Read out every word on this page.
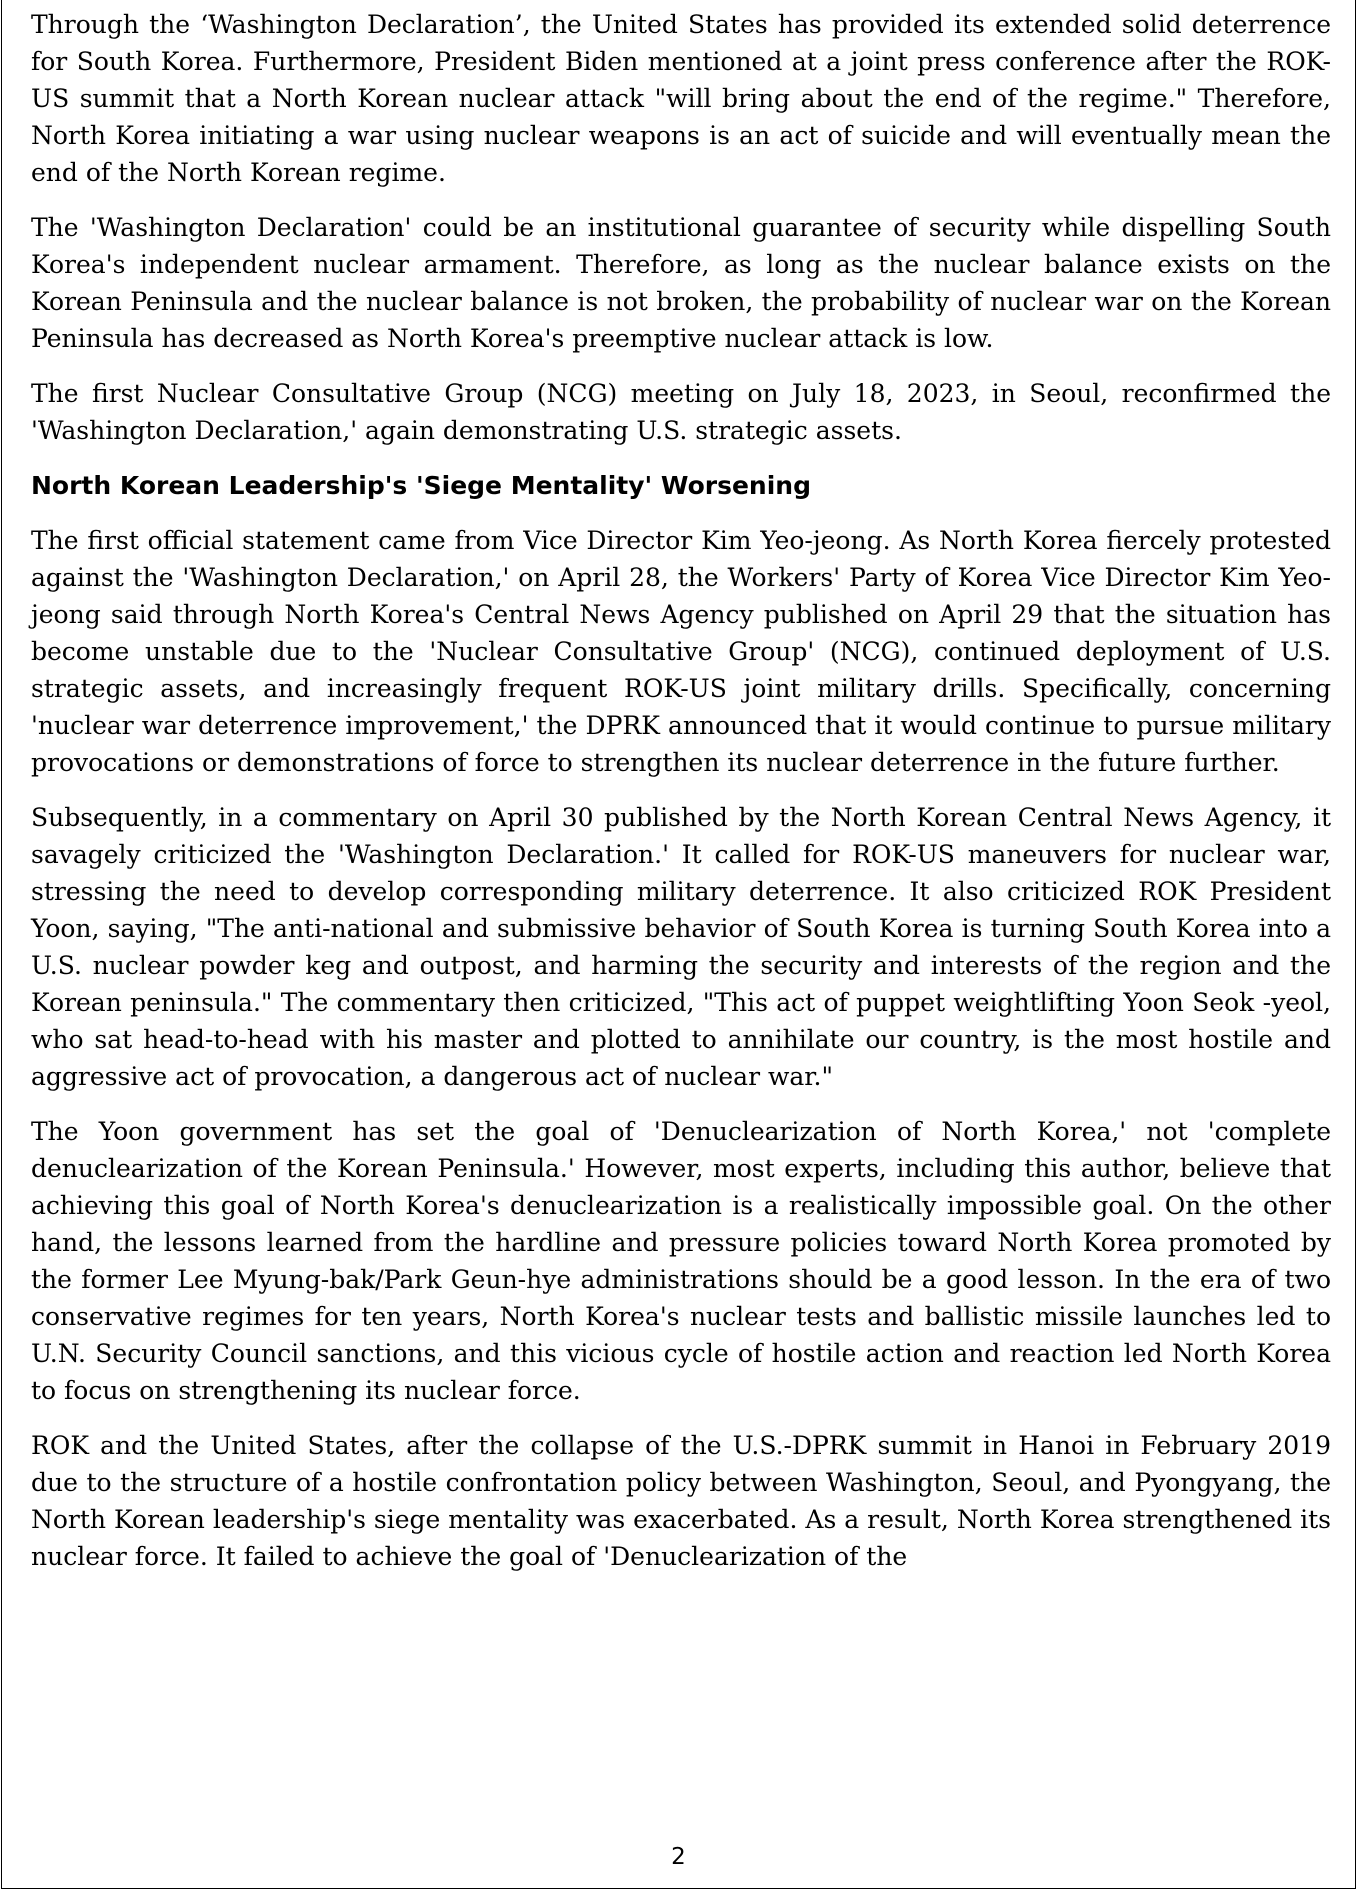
Through the ‘Washington Declaration’, the United States has provided its extended solid deterrence for South Korea. Furthermore, President Biden mentioned at a joint press conference after the ROK-US summit that a North Korean nuclear attack "will bring about the end of the regime." Therefore, North Korea initiating a war using nuclear weapons is an act of suicide and will eventually mean the end of the North Korean regime.

The 'Washington Declaration' could be an institutional guarantee of security while dispelling South Korea's independent nuclear armament. Therefore, as long as the nuclear balance exists on the Korean Peninsula and the nuclear balance is not broken, the probability of nuclear war on the Korean Peninsula has decreased as North Korea's preemptive nuclear attack is low.

The first Nuclear Consultative Group (NCG) meeting on July 18, 2023, in Seoul, reconfirmed the 'Washington Declaration,' again demonstrating U.S. strategic assets.

North Korean Leadership's 'Siege Mentality' Worsening

The first official statement came from Vice Director Kim Yeo-jeong. As North Korea fiercely protested against the 'Washington Declaration,' on April 28, the Workers' Party of Korea Vice Director Kim Yeo-jeong said through North Korea's Central News Agency published on April 29 that the situation has become unstable due to the 'Nuclear Consultative Group' (NCG), continued deployment of U.S. strategic assets, and increasingly frequent ROK-US joint military drills. Specifically, concerning 'nuclear war deterrence improvement,' the DPRK announced that it would continue to pursue military provocations or demonstrations of force to strengthen its nuclear deterrence in the future further.

Subsequently, in a commentary on April 30 published by the North Korean Central News Agency, it savagely criticized the 'Washington Declaration.' It called for ROK-US maneuvers for nuclear war, stressing the need to develop corresponding military deterrence. It also criticized ROK President Yoon, saying, "The anti-national and submissive behavior of South Korea is turning South Korea into a U.S. nuclear powder keg and outpost, and harming the security and interests of the region and the Korean peninsula." The commentary then criticized, "This act of puppet weightlifting Yoon Seok -yeol, who sat head-to-head with his master and plotted to annihilate our country, is the most hostile and aggressive act of provocation, a dangerous act of nuclear war."

The Yoon government has set the goal of 'Denuclearization of North Korea,' not 'complete denuclearization of the Korean Peninsula.' However, most experts, including this author, believe that achieving this goal of North Korea's denuclearization is a realistically impossible goal. On the other hand, the lessons learned from the hardline and pressure policies toward North Korea promoted by the former Lee Myung-bak/Park Geun-hye administrations should be a good lesson. In the era of two conservative regimes for ten years, North Korea's nuclear tests and ballistic missile launches led to U.N. Security Council sanctions, and this vicious cycle of hostile action and reaction led North Korea to focus on strengthening its nuclear force.

ROK and the United States, after the collapse of the U.S.-DPRK summit in Hanoi in February 2019 due to the structure of a hostile confrontation policy between Washington, Seoul, and Pyongyang, the North Korean leadership's siege mentality was exacerbated. As a result, North Korea strengthened its nuclear force. It failed to achieve the goal of 'Denuclearization of the

2
